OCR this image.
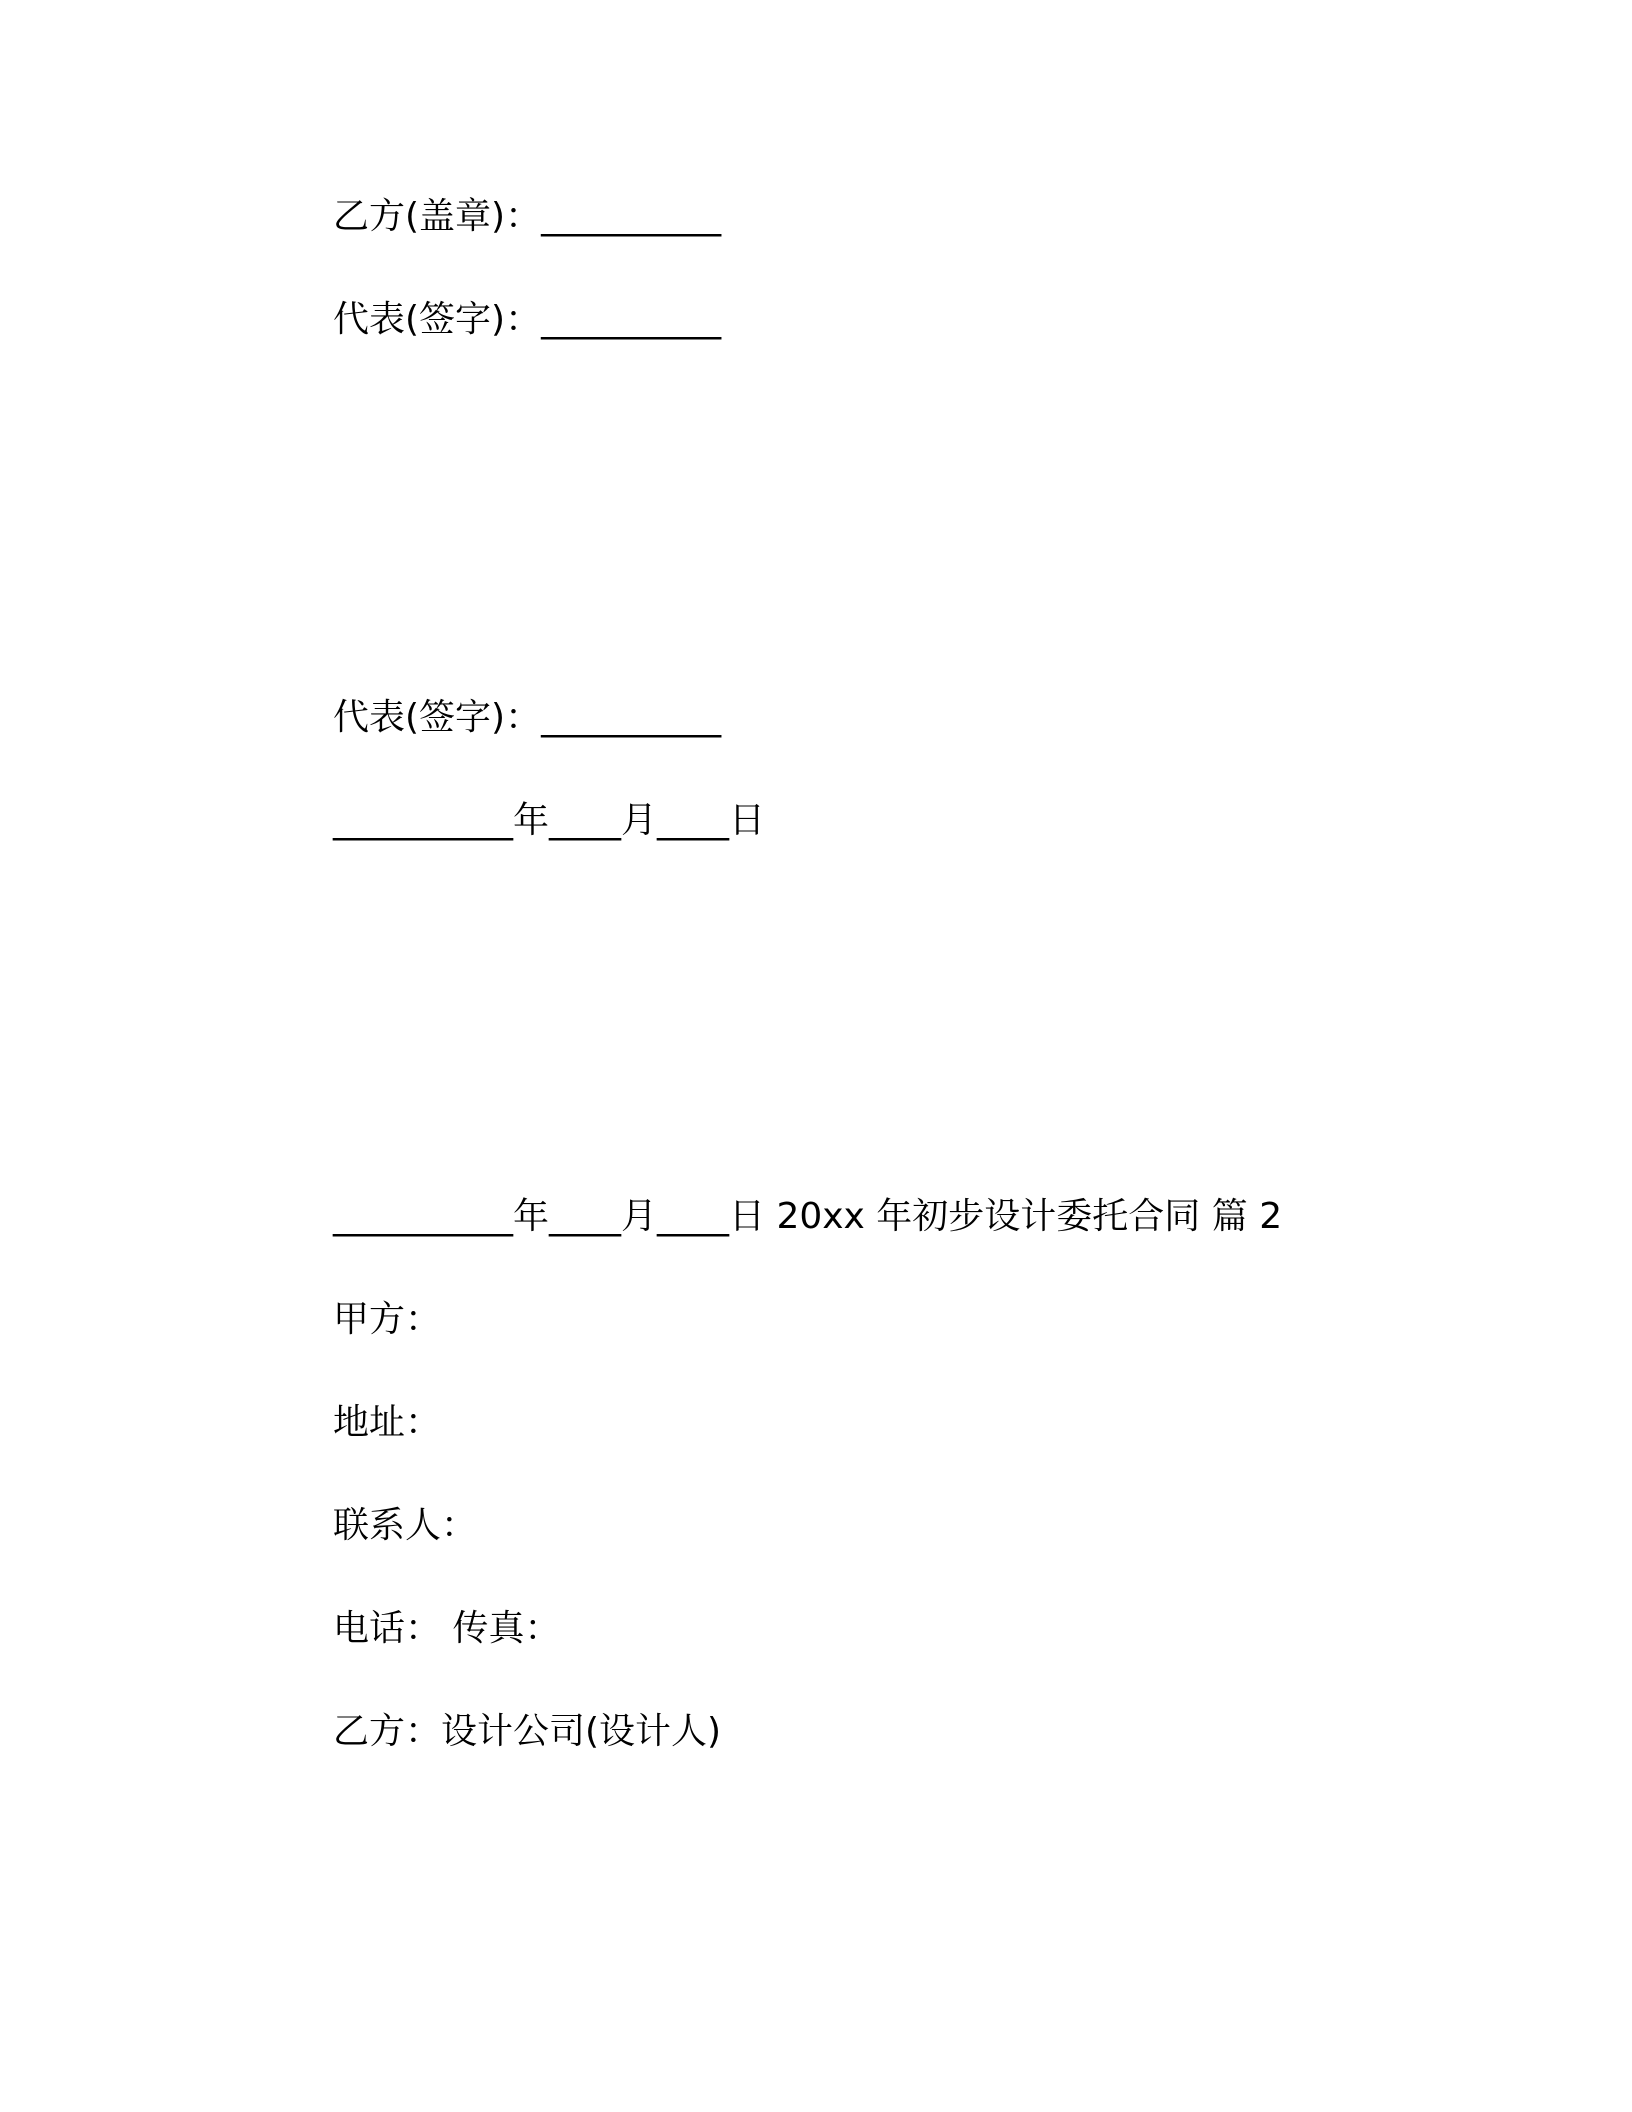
乙方(盖章)：__________

代表(签字)：__________

代表(签字)：__________

__________年____月____日

__________年____月____日 20xx 年初步设计委托合同 篇 2

甲方：

地址：

联系人：

电话： 传真：

乙方：设计公司(设计人)
